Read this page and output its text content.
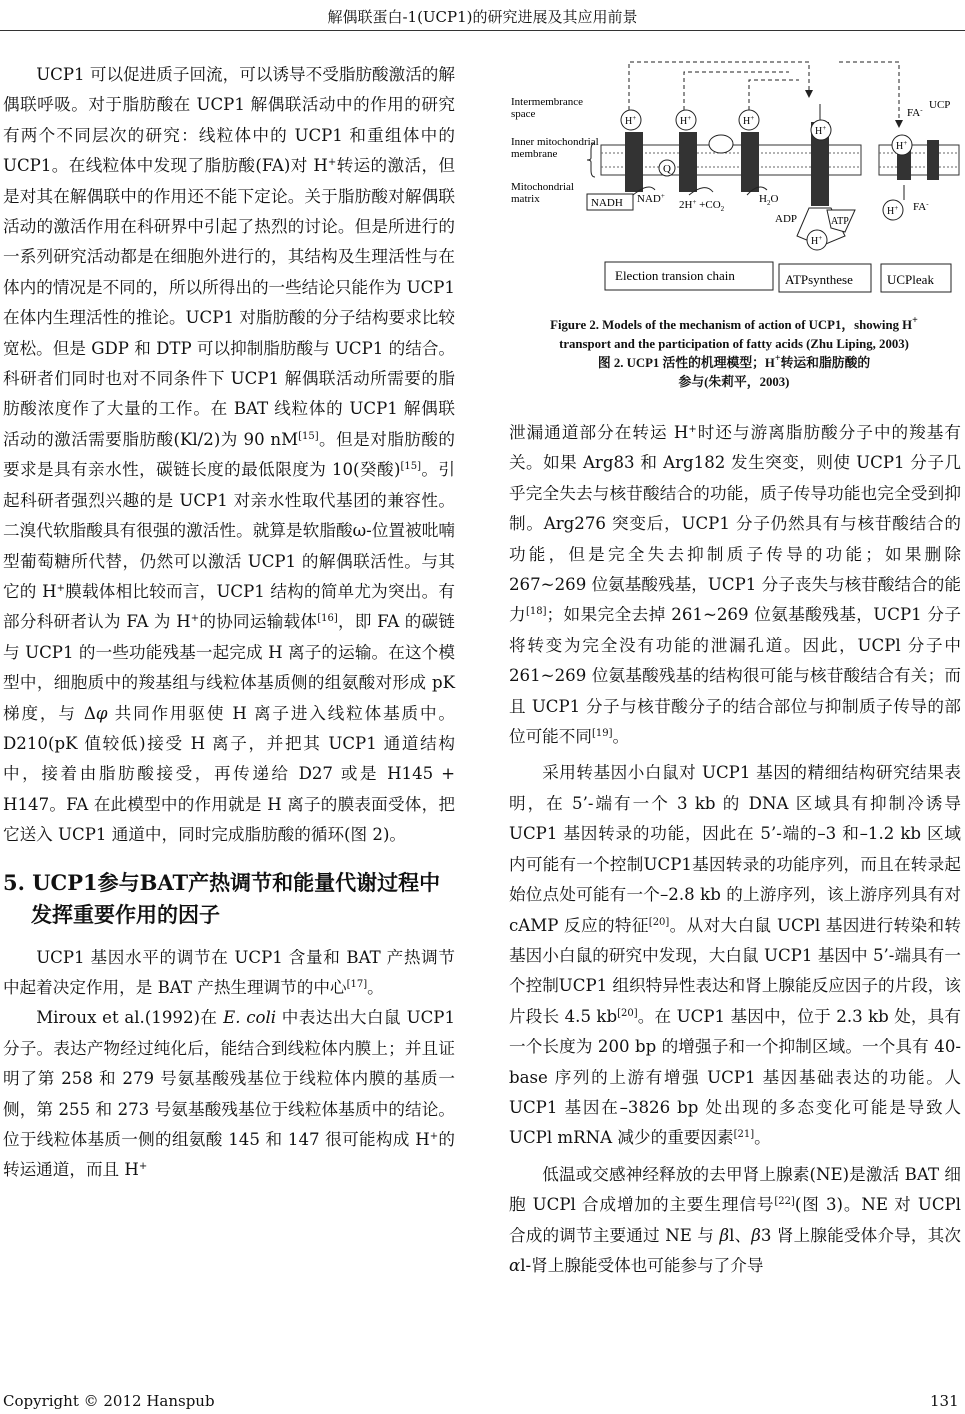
解偶联蛋白-1(UCP1)的研究进展及其应用前景

UCP1 可以促进质子回流，可以诱导不受脂肪酸激活的解偶联呼吸。对于脂肪酸在 UCP1 解偶联活动中的作用的研究有两个不同层次的研究：线粒体中的 UCP1 和重组体中的 UCP1。在线粒体中发现了脂肪酸(FA)对 H+转运的激活，但是对其在解偶联中的作用还不能下定论。关于脂肪酸对解偶联活动的激活作用在科研界中引起了热烈的讨论。但是所进行的一系列研究活动都是在细胞外进行的，其结构及生理活性与在体内的情况是不同的，所以所得出的一些结论只能作为 UCP1 在体内生理活性的推论。UCP1 对脂肪酸的分子结构要求比较宽松。但是 GDP 和 DTP 可以抑制脂肪酸与 UCP1 的结合。科研者们同时也对不同条件下 UCP1 解偶联活动所需要的脂肪酸浓度作了大量的工作。在 BAT 线粒体的 UCP1 解偶联活动的激活需要脂肪酸(Kl/2)为 90 nM[15]。但是对脂肪酸的要求是具有亲水性，碳链长度的最低限度为 10(癸酸)[15]。引起科研者强烈兴趣的是 UCP1 对亲水性取代基团的兼容性。二溴代软脂酸具有很强的激活性。就算是软脂酸ω-位置被吡喃型葡萄糖所代替，仍然可以激活 UCP1 的解偶联活性。与其它的 H+膜载体相比较而言，UCP1 结构的简单尤为突出。有部分科研者认为 FA 为 H+的协同运输载体[16]，即 FA 的碳链与 UCP1 的一些功能残基一起完成 H 离子的运输。在这个模型中，细胞质中的羧基组与线粒体基质侧的组氨酸对形成 pK 梯度，与 Δφ 共同作用驱使 H 离子进入线粒体基质中。D210(pK 值较低)接受 H 离子，并把其 UCP1 通道结构中，接着由脂肪酸接受，再传递给 D27 或是 H145 + H147。FA 在此模型中的作用就是 H 离子的膜表面受体，把它送入 UCP1 通道中，同时完成脂肪酸的循环(图 2)。

5. UCP1参与BAT产热调节和能量代谢过程中发挥重要作用的因子

UCP1 基因水平的调节在 UCP1 含量和 BAT 产热调节中起着决定作用，是 BAT 产热生理调节的中心[17]。

Miroux et al.(1992)在 E. coli 中表达出大白鼠 UCP1 分子。表达产物经过纯化后，能结合到线粒体内膜上；并且证明了第 258 和 279 号氨基酸残基位于线粒体内膜的基质一侧，第 255 和 273 号氨基酸残基位于线粒体基质中的结论。位于线粒体基质一侧的组氨酸 145 和 147 很可能构成 H+的转运通道，而且 H+

Q
H+	H+	H+
H+
H+
H+
H+
Intermembrance
space
Inner mitochondrial
membrane
Mitochondrial
matrix	NADH NAD+
$2H^+ +CO_2$
$H_2O$
ADP	ATP
UCP
FA-
FA-
Election transion chain	ATPsynthese	UCPleak
Figure 2. Models of the mechanism of action of UCP1，showing H+
transport and the participation of fatty acids (Zhu Liping, 2003)
图 2. UCP1 活性的机理模型；H+转运和脂肪酸的
参与(朱莉平，2003)

泄漏通道部分在转运 H+时还与游离脂肪酸分子中的羧基有关。如果 Arg83 和 Arg182 发生突变，则使 UCP1 分子几乎完全失去与核苷酸结合的功能，质子传导功能也完全受到抑制。Arg276 突变后，UCP1 分子仍然具有与核苷酸结合的功能，但是完全失去抑制质子传导的功能；如果删除 267~269 位氨基酸残基，UCP1 分子丧失与核苷酸结合的能力[18]；如果完全去掉 261~269 位氨基酸残基，UCP1 分子将转变为完全没有功能的泄漏孔道。因此，UCPl 分子中 261~269 位氨基酸残基的结构很可能与核苷酸结合有关；而且 UCP1 分子与核苷酸分子的结合部位与抑制质子传导的部位可能不同[19]。

采用转基因小白鼠对 UCP1 基因的精细结构研究结果表明，在 5’-端有一个 3 kb 的 DNA 区域具有抑制冷诱导 UCP1 基因转录的功能，因此在 5’-端的–3 和–1.2 kb 区域内可能有一个控制UCP1基因转录的功能序列，而且在转录起始位点处可能有一个–2.8 kb 的上游序列，该上游序列具有对 cAMP 反应的特征[20]。从对大白鼠 UCPl 基因进行转染和转基因小白鼠的研究中发现，大白鼠 UCP1 基因中 5’-端具有一个控制UCP1 组织特异性表达和肾上腺能反应因子的片段，该片段长 4.5 kb[20]。在 UCP1 基因中，位于 2.3 kb 处，具有一个长度为 200 bp 的增强子和一个抑制区域。一个具有 40-base 序列的上游有增强 UCP1 基因基础表达的功能。人 UCP1 基因在–3826 bp 处出现的多态变化可能是导致人 UCPl mRNA 减少的重要因素[21]。

低温或交感神经释放的去甲肾上腺素(NE)是激活 BAT 细胞 UCPl 合成增加的主要生理信号[22](图 3)。NE 对 UCPl 合成的调节主要通过 NE 与 βl、β3 肾上腺能受体介导，其次 αl-肾上腺能受体也可能参与了介导

Copyright © 2012 Hanspub	131
